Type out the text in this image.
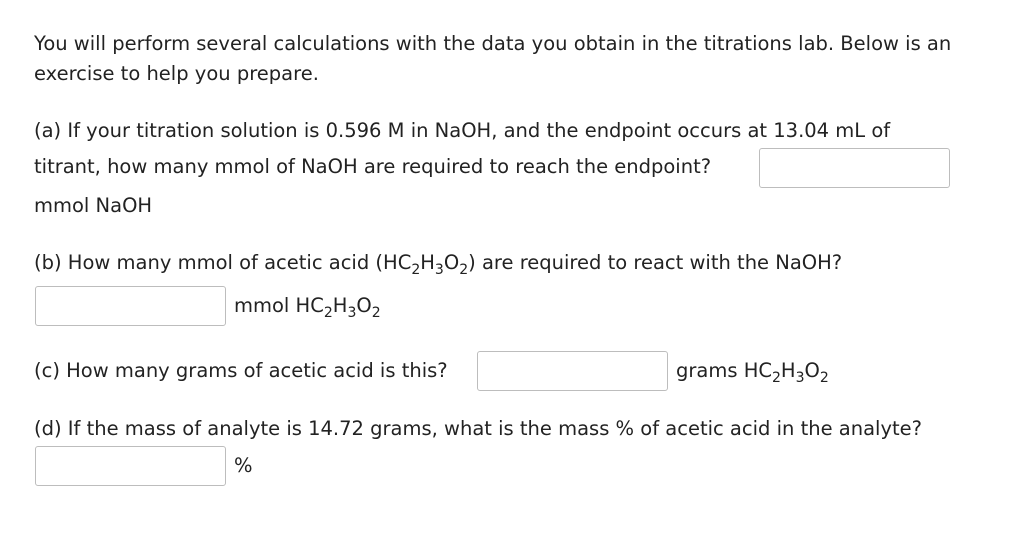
You will perform several calculations with the data you obtain in the titrations lab. Below is an
exercise to help you prepare.
(a) If your titration solution is 0.596 M in NaOH, and the endpoint occurs at 13.04 mL of
titrant, how many mmol of NaOH are required to reach the endpoint?
mmol NaOH
(b) How many mmol of acetic acid $(HC_2H_3O_2)$ are required to react with the NaOH?
mmol $HC_2H_3O_2$
(c) How many grams of acetic acid is this?	grams $HC_2H_3O_2$
(d) If the mass of analyte is 14.72 grams, what is the mass % of acetic acid in the analyte?
%
